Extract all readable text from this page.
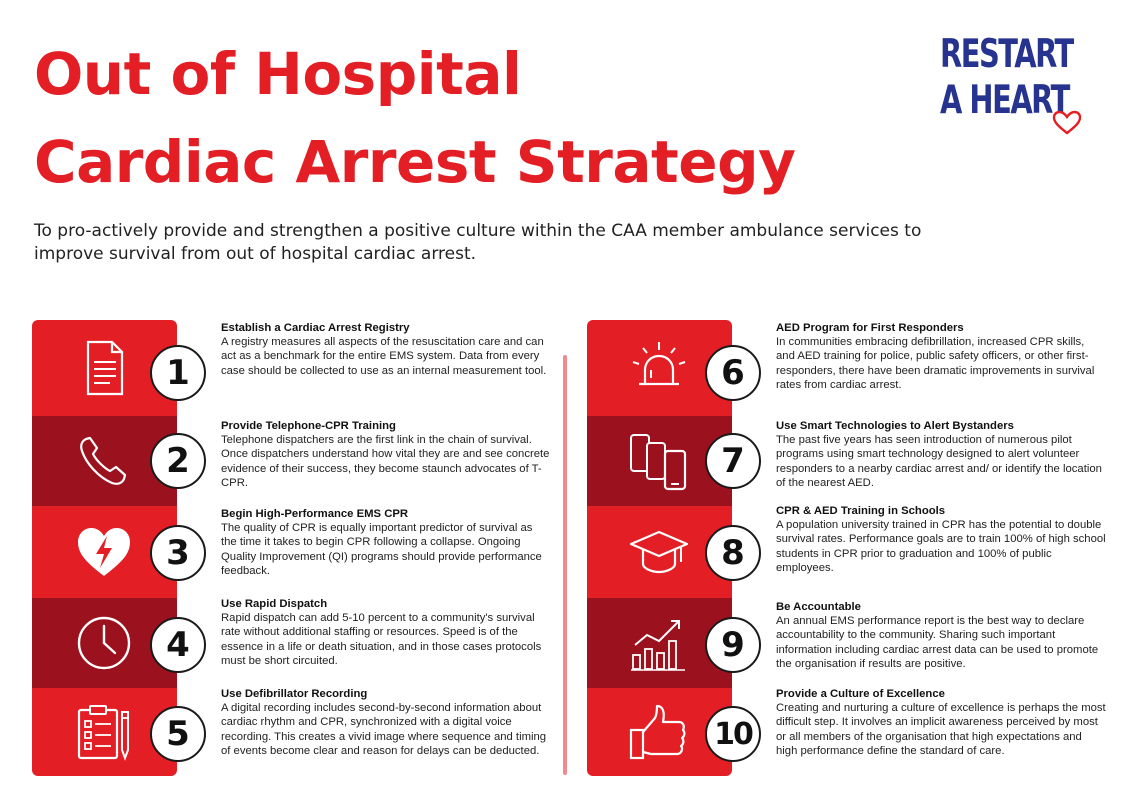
Out of Hospital
Cardiac Arrest Strategy
To pro-actively provide and strengthen a positive culture within the CAA member ambulance services to improve survival from out of hospital cardiac arrest.
RESTART
A HEART
1
Establish a Cardiac Arrest Registry

A registry measures all aspects of the resuscitation care and can act as a benchmark for the entire EMS system. Data from every case should be collected to use as an internal measurement tool.

2
Provide Telephone-CPR Training

Telephone dispatchers are the first link in the chain of survival. Once dispatchers understand how vital they are and see concrete evidence of their success, they become staunch advocates of T-CPR.

3
Begin High-Performance EMS CPR

The quality of CPR is equally important predictor of survival as the time it takes to begin CPR following a collapse. Ongoing Quality Improvement (QI) programs should provide performance feedback.

4
Use Rapid Dispatch

Rapid dispatch can add 5-10 percent to a community's survival rate without additional staffing or resources. Speed is of the essence in a life or death situation, and in those cases protocols must be short circuited.

5
Use Defibrillator Recording

A digital recording includes second-by-second information about cardiac rhythm and CPR, synchronized with a digital voice recording. This creates a vivid image where sequence and timing of events become clear and reason for delays can be deducted.

6
AED Program for First Responders

In communities embracing defibrillation, increased CPR skills, and AED training for police, public safety officers, or other first-responders, there have been dramatic improvements in survival rates from cardiac arrest.

7
Use Smart Technologies to Alert Bystanders

The past five years has seen introduction of numerous pilot programs using smart technology designed to alert volunteer responders to a nearby cardiac arrest and/ or identify the location of the nearest AED.

8
CPR & AED Training in Schools

A population university trained in CPR has the potential to double survival rates. Performance goals are to train 100% of high school students in CPR prior to graduation and 100% of public employees.

9
Be Accountable

An annual EMS performance report is the best way to declare accountability to the community. Sharing such important information including cardiac arrest data can be used to promote the organisation if results are positive.

10
Provide a Culture of Excellence

Creating and nurturing a culture of excellence is perhaps the most difficult step. It involves an implicit awareness perceived by most or all members of the organisation that high expectations and high performance define the standard of care.
